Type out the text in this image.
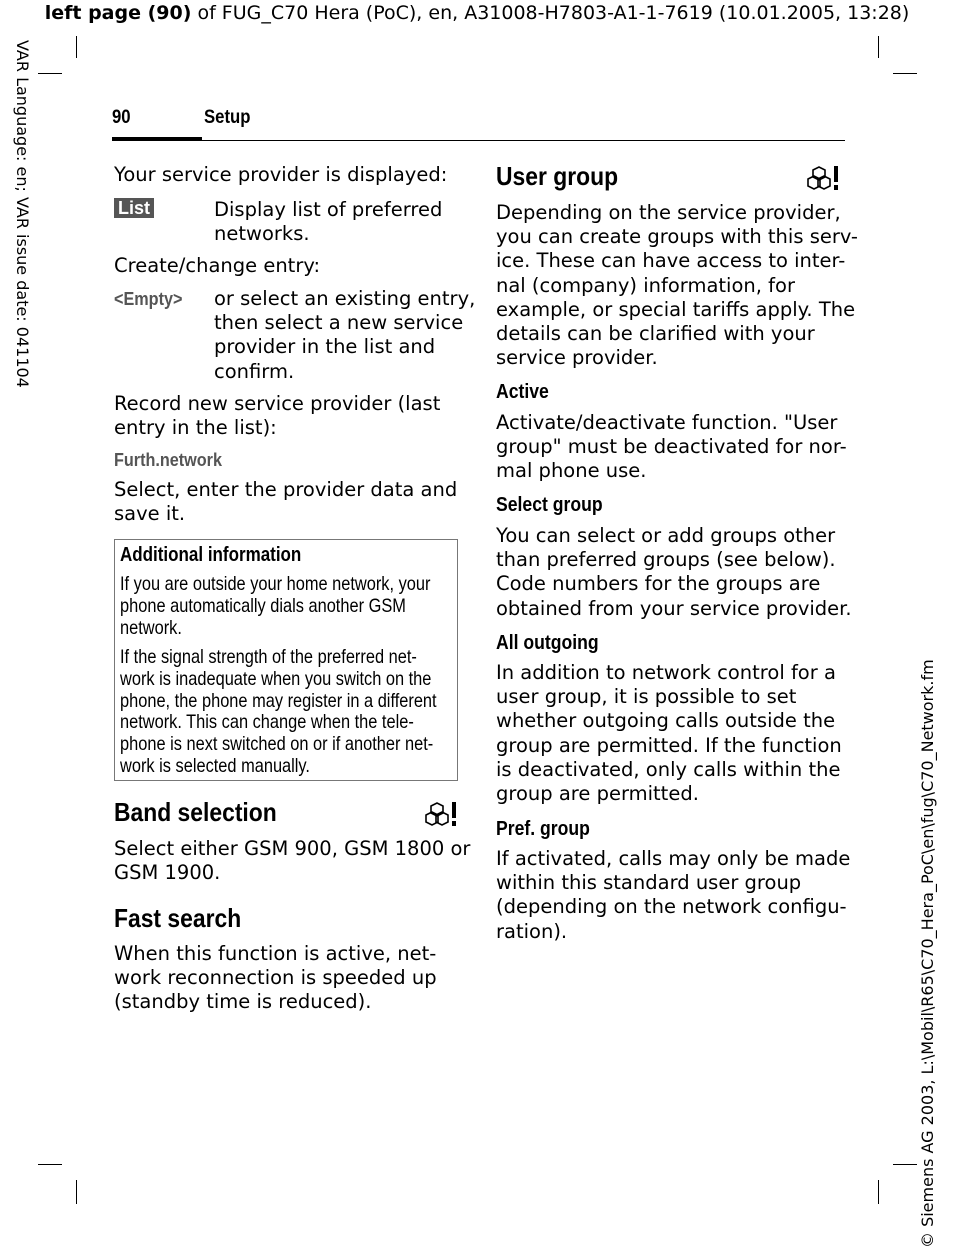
left page (90) of FUG_C70 Hera (PoC), en, A31008-H7803-A1-1-7619 (10.01.2005, 13:28)
VAR Language: en; VAR issue date: 041104
© Siemens AG 2003, L:\Mobil\R65\C70_Hera_PoC\en\fug\C70_Network.fm
90	Setup
Your service provider is displayed:
List	Display list of preferred
networks.
Create/change entry:
<Empty> or select an existing entry,
then select a new service
provider in the list and
confirm.
Record new service provider (last
entry in the list):
Furth.network
Select, enter the provider data and
save it.
Additional information
If you are outside your home network, your
phone automatically dials another GSM
network.
If the signal strength of the preferred net-
work is inadequate when you switch on the
phone, the phone may register in a different
network. This can change when the tele-
phone is next switched on or if another net-
work is selected manually.
Band selection
Select either GSM 900, GSM 1800 or
GSM 1900.
Fast search
When this function is active, net-
work reconnection is speeded up
(standby time is reduced).
User group
Depending on the service provider,
you can create groups with this serv-
ice. These can have access to inter-
nal (company) information, for
example, or special tariffs apply. The
details can be clarified with your
service provider.
Active
Activate/deactivate function. "User
group" must be deactivated for nor-
mal phone use.
Select group
You can select or add groups other
than preferred groups (see below).
Code numbers for the groups are
obtained from your service provider.
All outgoing
In addition to network control for a
user group, it is possible to set
whether outgoing calls outside the
group are permitted. If the function
is deactivated, only calls within the
group are permitted.
Pref. group
If activated, calls may only be made
within this standard user group
(depending on the network configu-
ration).
